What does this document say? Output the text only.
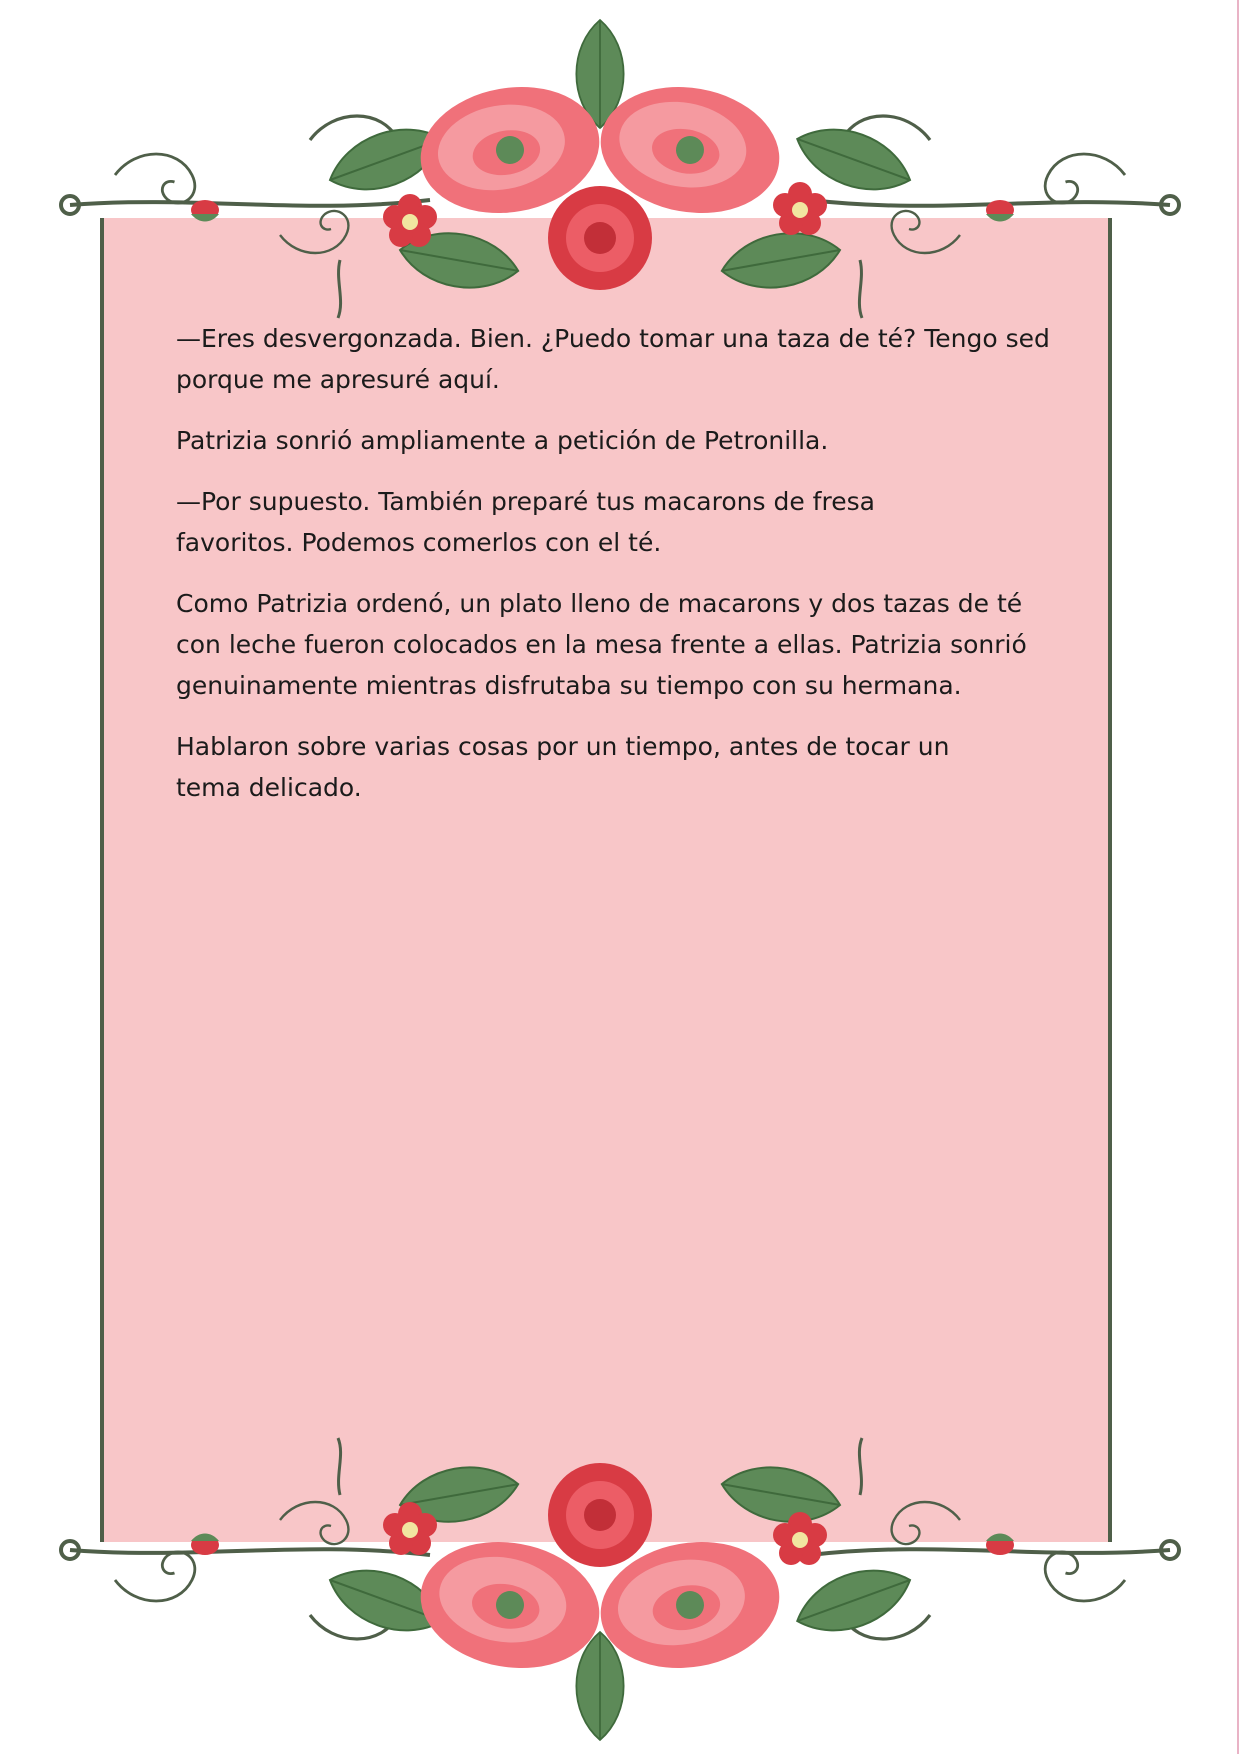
—Eres desvergonzada. Bien. ¿Puedo tomar una taza de té? Tengo sed porque me apresuré aquí.

Patrizia sonrió ampliamente a petición de Petronilla.

—Por supuesto. También preparé tus macarons de fresa favoritos. Podemos comerlos con el té.

Como Patrizia ordenó, un plato lleno de macarons y dos tazas de té con leche fueron colocados en la mesa frente a ellas. Patrizia sonrió genuinamente mientras disfrutaba su tiempo con su hermana.

Hablaron sobre varias cosas por un tiempo, antes de tocar un tema delicado.
